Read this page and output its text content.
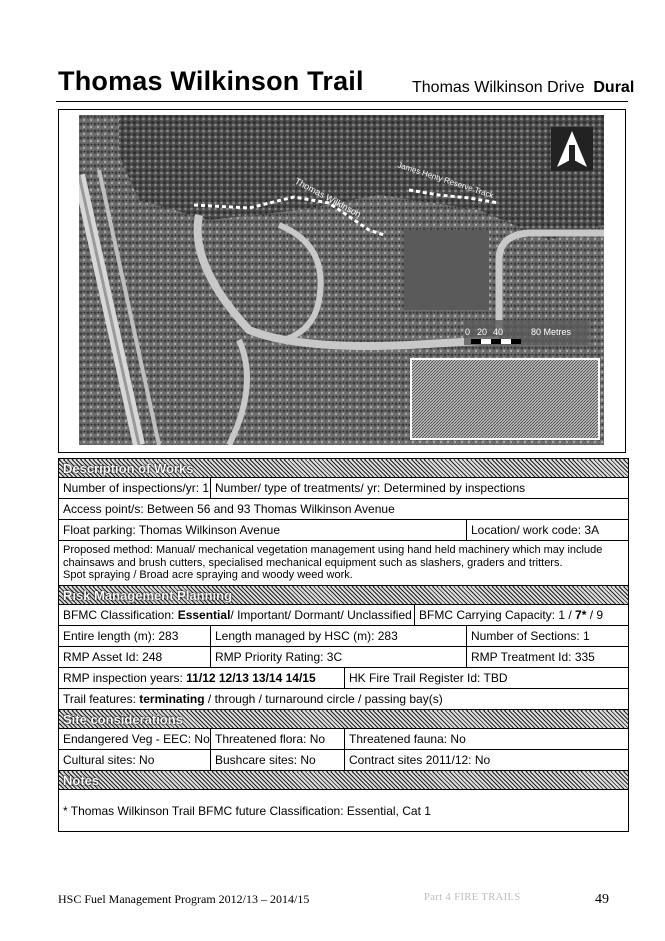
Thomas Wilkinson Trail	Thomas Wilkinson Drive Dural
Thomas Wilkinson	James Henty Reserve Track
0 20 40	80 Metres
Description of Works				
Number of inspections/yr: 1	Number/ type of treatments/ yr: Determined by inspections			
Access point/s: Between 56 and 93 Thomas Wilkinson Avenue				
Float parking: Thomas Wilkinson Avenue				Location/ work code: 3A
Proposed method: Manual/ mechanical vegetation management using hand held machinery which may include chainsaws and brush cutters, specialised mechanical equipment such as slashers, graders and tritters.
Spot spraying / Broad acre spraying and woody weed work.				
Risk Management Planning				
BFMC Classification: Essential/ Important/ Dormant/ Unclassified			BFMC Carrying Capacity: 1 / 7* / 9	
Entire length (m): 283	Length managed by HSC (m): 283			Number of Sections: 1
RMP Asset Id: 248	RMP Priority Rating: 3C			RMP Treatment Id: 335
RMP inspection years: 11/12 12/13 13/14 14/15		HK Fire Trail Register Id: TBD		
Trail features: terminating / through / turnaround circle / passing bay(s)				
Site considerations				
Endangered Veg - EEC: No	Threatened flora: No	Threatened fauna: No		
Cultural sites: No	Bushcare sites: No	Contract sites 2011/12: No		
Notes				
* Thomas Wilkinson Trail BFMC future Classification: Essential, Cat 1				
HSC Fuel Management Program 2012/13 – 2014/15	Part 4 FIRE TRAILS	49
